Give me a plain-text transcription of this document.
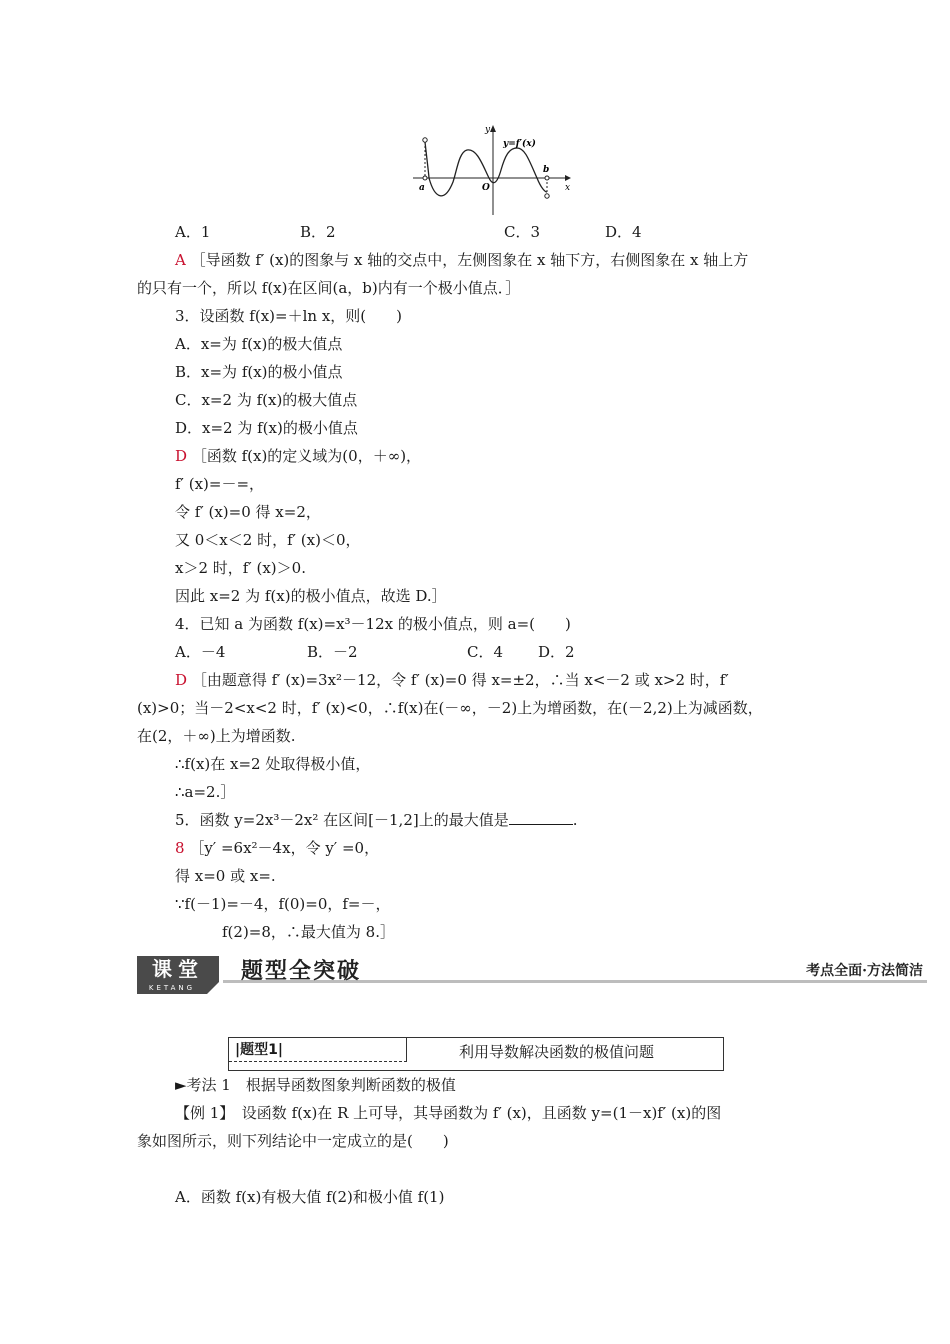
y
y=f′(x)
a	O
b
x
A．1	B．2	C．3	D．4
A ［导函数 f′ (x)的图象与 x 轴的交点中，左侧图象在 x 轴下方，右侧图象在 x 轴上方
的只有一个，所以 f(x)在区间(a，b)内有一个极小值点．］
3．设函数 f(x)=＋ln x，则(　　)
A．x=为 f(x)的极大值点
B．x=为 f(x)的极小值点
C．x=2 为 f(x)的极大值点
D．x=2 为 f(x)的极小值点
D ［函数 f(x)的定义域为(0，＋∞)，
f′ (x)=－=，
令 f′ (x)=0 得 x=2，
又 0＜x＜2 时，f′ (x)＜0，
x＞2 时，f′ (x)＞0.
因此 x=2 为 f(x)的极小值点，故选 D.］
4．已知 a 为函数 f(x)=x³－12x 的极小值点，则 a=(　　)
A．－4	B．－2	C．4 D．2
D ［由题意得 f′ (x)=3x²－12，令 f′ (x)=0 得 x=±2，∴当 x<－2 或 x>2 时，f′
(x)>0；当－2<x<2 时，f′ (x)<0，∴f(x)在(－∞，－2)上为增函数，在(－2,2)上为减函数，
在(2，＋∞)上为增函数.
∴f(x)在 x=2 处取得极小值，
∴a=2.］
5．函数 y=2x³－2x² 在区间[－1,2]上的最大值是	.
8 ［y′ =6x²－4x，令 y′ =0，
得 x=0 或 x=.
∵f(－1)=－4，f(0)=0，f=－，
f(2)=8，∴最大值为 8.］
课堂
KETANG
题型全突破	考点全面·方法简洁
|题型1|	利用导数解决函数的极值问题
►考法 1　根据导函数图象判断函数的极值
【例 1】　设函数 f(x)在 R 上可导，其导函数为 f′ (x)，且函数 y=(1－x)f′ (x)的图
象如图所示，则下列结论中一定成立的是(　　)
A．函数 f(x)有极大值 f(2)和极小值 f(1)
